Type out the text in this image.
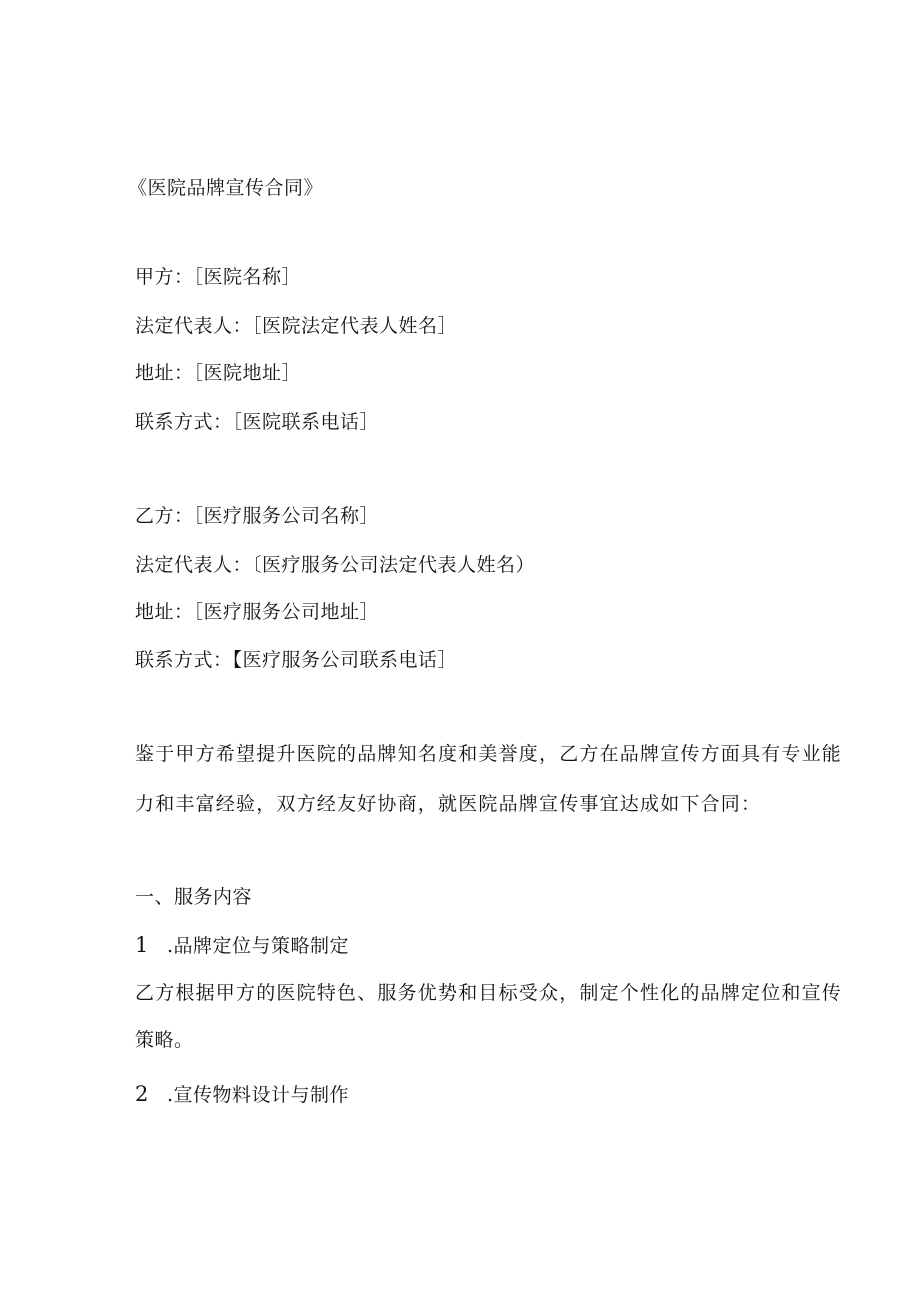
《医院品牌宣传合同》
甲方：［医院名称］
法定代表人：［医院法定代表人姓名］
地址：［医院地址］
联系方式：［医院联系电话］
乙方：［医疗服务公司名称］
法定代表人：〔医疗服务公司法定代表人姓名）
地址：［医疗服务公司地址］
联系方式：【医疗服务公司联系电话］
鉴于甲方希望提升医院的品牌知名度和美誉度，乙方在品牌宣传方面具有专业能
力和丰富经验，双方经友好协商，就医院品牌宣传事宜达成如下合同：
一、服务内容
1 .品牌定位与策略制定
乙方根据甲方的医院特色、服务优势和目标受众，制定个性化的品牌定位和宣传
策略。
2 .宣传物料设计与制作
